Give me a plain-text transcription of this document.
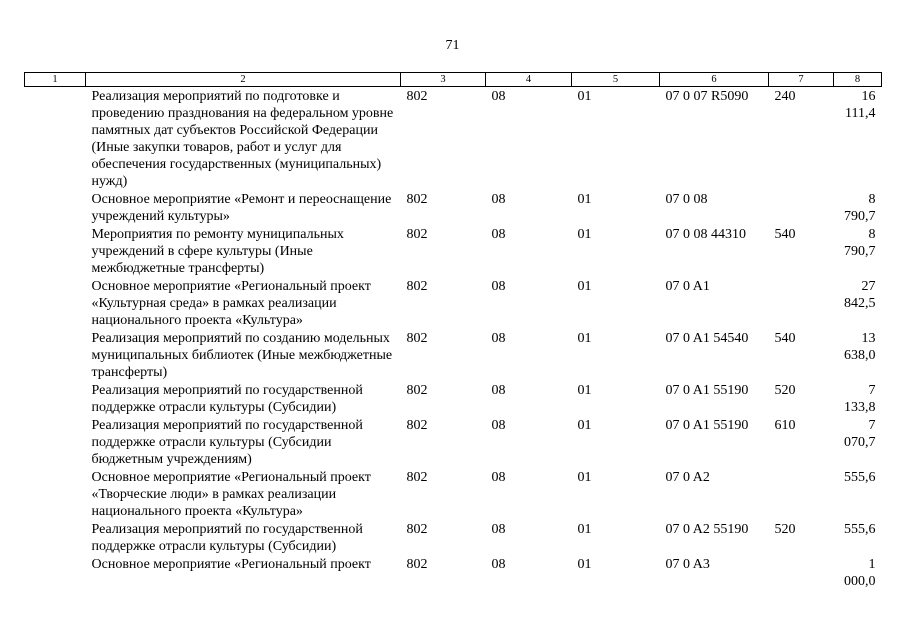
71
1	2	3	4	5	6	7	8
	Реализация мероприятий по подготовке и проведению празднования на федеральном уровне памятных дат субъектов Российской Федерации (Иные закупки товаров, работ и услуг для обеспечения государственных (муниципальных) нужд)	802	08	01	07 0 07 R5090	240	16 111,4
	Основное мероприятие «Ремонт и переоснащение учреждений культуры»	802	08	01	07 0 08		8 790,7
	Мероприятия по ремонту муниципальных учреждений в сфере культуры (Иные межбюджетные трансферты)	802	08	01	07 0 08 44310	540	8 790,7
	Основное мероприятие «Региональный проект «Культурная среда» в рамках реализации национального проекта «Культура»	802	08	01	07 0 A1		27 842,5
	Реализация мероприятий по созданию модельных муниципальных библиотек (Иные межбюджетные трансферты)	802	08	01	07 0 A1 54540	540	13 638,0
	Реализация мероприятий по государственной поддержке отрасли культуры (Субсидии)	802	08	01	07 0 A1 55190	520	7 133,8
	Реализация мероприятий по государственной поддержке отрасли культуры (Субсидии бюджетным учреждениям)	802	08	01	07 0 A1 55190	610	7 070,7
	Основное мероприятие «Региональный проект «Творческие люди» в рамках реализации национального проекта «Культура»	802	08	01	07 0 A2		555,6
	Реализация мероприятий по государственной поддержке отрасли культуры (Субсидии)	802	08	01	07 0 A2 55190	520	555,6
	Основное мероприятие «Региональный проект	802	08	01	07 0 A3		1 000,0
